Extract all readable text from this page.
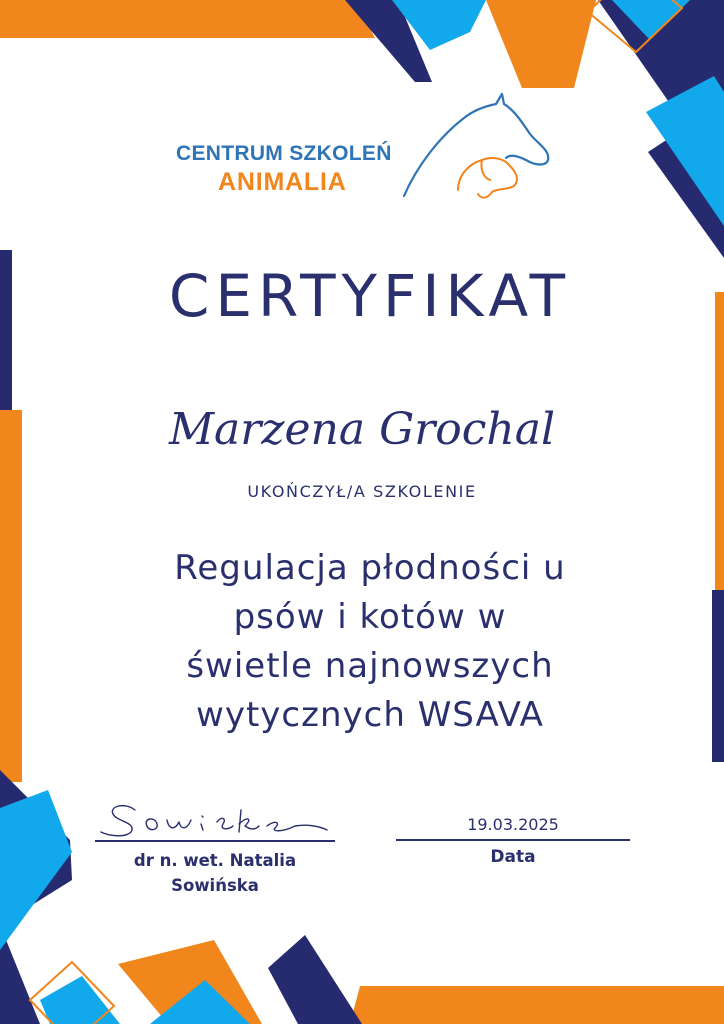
CENTRUM SZKOLEŃ
ANIMALIA
CERTYFIKAT
Marzena Grochal
UKOŃCZYŁ/A SZKOLENIE
Regulacja płodności u
psów i kotów w
świetle najnowszych
wytycznych WSAVA
dr n. wet. Natalia
Sowińska
19.03.2025
Data
